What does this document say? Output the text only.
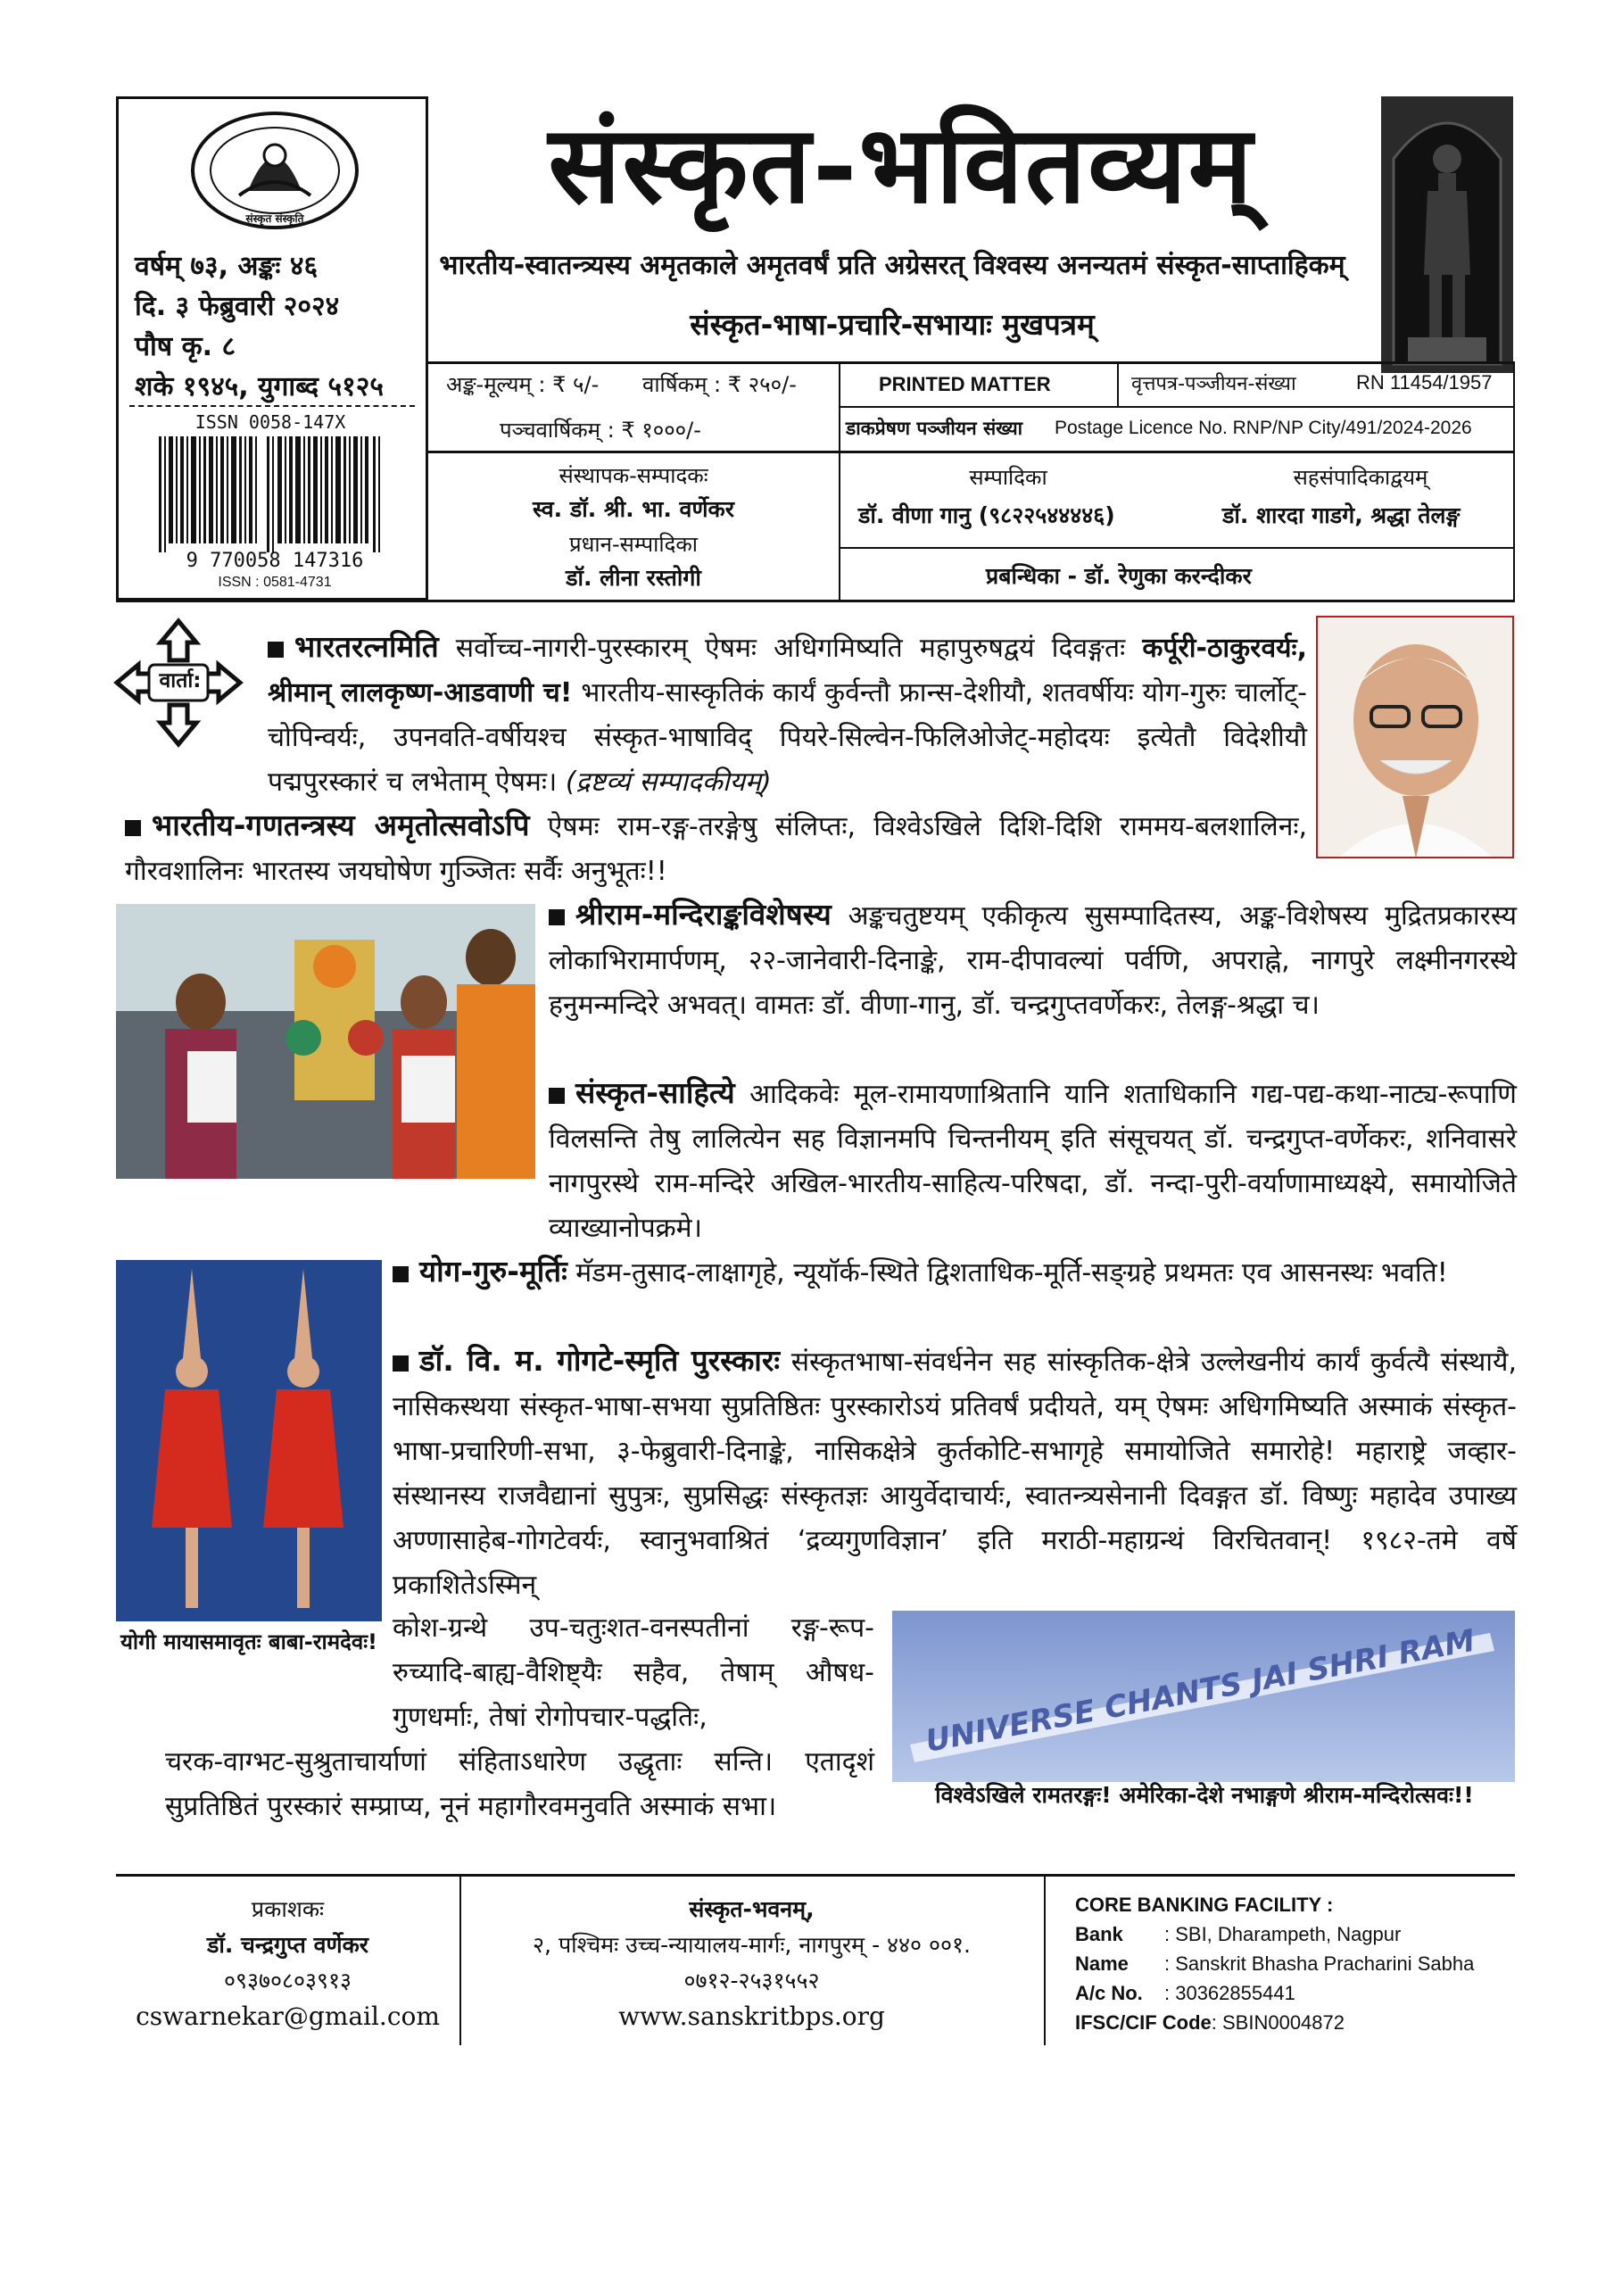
संस्कृत संस्कृति
वर्षम् ७३, अङ्कः ४६
दि. ३ फेब्रुवारी २०२४
पौष कृ. ८
शके १९४५, युगाब्द ५१२५
ISSN 0058-147X
9 770058 147316
ISSN : 0581-4731
संस्कृत-भवितव्यम्
भारतीय-स्वातन्त्र्यस्य अमृतकाले अमृतवर्षं प्रति अग्रेसरत् विश्वस्य अनन्यतमं संस्कृत-साप्ताहिकम्
संस्कृत-भाषा-प्रचारि-सभायाः मुखपत्रम्
अङ्क-मूल्यम् : ₹ ५/- वार्षिकम् : ₹ २५०/-
पञ्चवार्षिकम् : ₹ १०००/-
PRINTED MATTER	वृत्तपत्र-पञ्जीयन-संख्या	RN 11454/1957
डाकप्रेषण पञ्जीयन संख्या Postage Licence No. RNP/NP City/491/2024-2026
संस्थापक-सम्पादकः
स्व. डॉ. श्री. भा. वर्णेकर
प्रधान-सम्पादिका
डॉ. लीना रस्तोगी
सम्पादिका
डॉ. वीणा गानु (९८२२५४४४४६)
सहसंपादिकाद्वयम्
डॉ. शारदा गाडगे, श्रद्धा तेलङ्ग
प्रबन्धिका - डॉ. रेणुका करन्दीकर
वार्ता:
भारतरत्नमिति सर्वोच्च-नागरी-पुरस्कारम् ऐषमः अधिगमिष्यति महापुरुषद्वयं दिवङ्गतः कर्पूरी-ठाकुरवर्यः, श्रीमान् लालकृष्ण-आडवाणी च! भारतीय-सास्कृतिकं कार्यं कुर्वन्तौ फ्रान्स-देशीयौ, शतवर्षीयः योग-गुरुः चार्लोट्-चोपिन्वर्यः, उपनवति-वर्षीयश्च संस्कृत-भाषाविद् पियरे-सिल्वेन-फिलिओजेट्-महोदयः इत्येतौ विदेशीयौ पद्मपुरस्कारं च लभेताम् ऐषमः। (द्रष्टव्यं सम्पादकीयम्)
भारतीय-गणतन्त्रस्य अमृतोत्सवोऽपि ऐषमः राम-रङ्ग-तरङ्गेषु संलिप्तः, विश्वेऽखिले दिशि-दिशि राममय-बलशालिनः, गौरवशालिनः भारतस्य जयघोषेण गुञ्जितः सर्वैः अनुभूतः!!
श्रीराम-मन्दिराङ्कविशेषस्य अङ्कचतुष्टयम् एकीकृत्य सुसम्पादितस्य, अङ्क-विशेषस्य मुद्रितप्रकारस्य लोकाभिरामार्पणम्, २२-जानेवारी-दिनाङ्के, राम-दीपावल्यां पर्वणि, अपराह्ने, नागपुरे लक्ष्मीनगरस्थे हनुमन्मन्दिरे अभवत्। वामतः डॉ. वीणा-गानु, डॉ. चन्द्रगुप्तवर्णेकरः, तेलङ्ग-श्रद्धा च।
संस्कृत-साहित्ये आदिकवेः मूल-रामायणाश्रितानि यानि शताधिकानि गद्य-पद्य-कथा-नाट्य-रूपाणि विलसन्ति तेषु लालित्येन सह विज्ञानमपि चिन्तनीयम् इति संसूचयत् डॉ. चन्द्रगुप्त-वर्णेकरः, शनिवासरे नागपुरस्थे राम-मन्दिरे अखिल-भारतीय-साहित्य-परिषदा, डॉ. नन्दा-पुरी-वर्याणामाध्यक्ष्ये, समायोजिते व्याख्यानोपक्रमे।
योगी मायासमावृतः बाबा-रामदेवः!
योग-गुरु-मूर्तिः मॅडम-तुसाद-लाक्षागृहे, न्यूयॉर्क-स्थिते द्विशताधिक-मूर्ति-सङ्ग्रहे प्रथमतः एव आसनस्थः भवति!
डॉ. वि. म. गोगटे-स्मृति पुरस्कारः संस्कृतभाषा-संवर्धनेन सह सांस्कृतिक-क्षेत्रे उल्लेखनीयं कार्यं कुर्वत्यै संस्थायै, नासिकस्थया संस्कृत-भाषा-सभया सुप्रतिष्ठितः पुरस्कारोऽयं प्रतिवर्षं प्रदीयते, यम् ऐषमः अधिगमिष्यति अस्माकं संस्कृत-भाषा-प्रचारिणी-सभा, ३-फेब्रुवारी-दिनाङ्के, नासिकक्षेत्रे कुर्तकोटि-सभागृहे समायोजिते समारोहे! महाराष्ट्रे जव्हार-संस्थानस्य राजवैद्यानां सुपुत्रः, सुप्रसिद्धः संस्कृतज्ञः आयुर्वेदाचार्यः, स्वातन्त्र्यसेनानी दिवङ्गत डॉ. विष्णुः महादेव उपाख्य अण्णासाहेब-गोगटेवर्यः, स्वानुभवाश्रितं ‘द्रव्यगुणविज्ञान’ इति मराठी-महाग्रन्थं विरचितवान्! १९८२-तमे वर्षे प्रकाशितेऽस्मिन्
कोश-ग्रन्थे उप-चतुःशत-वनस्पतीनां रङ्ग-रूप-रुच्यादि-बाह्य-वैशिष्ट्यैः सहैव, तेषाम् औषध-गुणधर्माः, तेषां रोगोपचार-पद्धतिः,
चरक-वाग्भट-सुश्रुताचार्याणां संहिताऽधारेण उद्धृताः सन्ति। एतादृशं सुप्रतिष्ठितं पुरस्कारं सम्प्राप्य, नूनं महागौरवमनुवति अस्माकं सभा।
UNIVERSE CHANTS JAI SHRI RAM
विश्वेऽखिले रामतरङ्गः! अमेरिका-देशे नभाङ्गणे श्रीराम-मन्दिरोत्सवः!!
प्रकाशकः
डॉ. चन्द्रगुप्त वर्णेकर
०९३७०८०३९१३
cswarnekar@gmail.com
संस्कृत-भवनम्,
२, पश्चिमः उच्च-न्यायालय-मार्गः, नागपुरम् - ४४० ००१.
०७१२-२५३१५५२
www.sanskritbps.org
CORE BANKING FACILITY :
Bank : SBI, Dharampeth, Nagpur
Name : Sanskrit Bhasha Pracharini Sabha
A/c No. : 30362855441
IFSC/CIF Code: SBIN0004872
